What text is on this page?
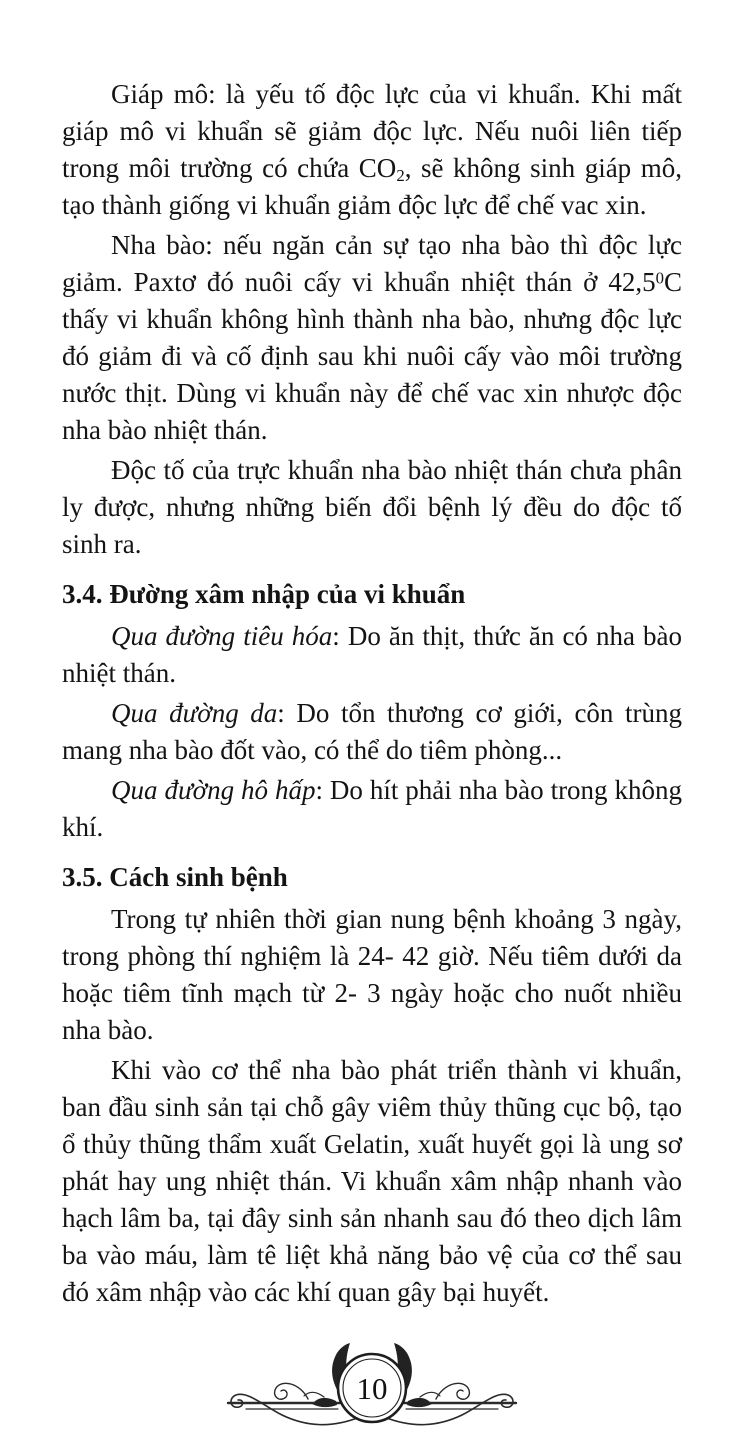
Giáp mô: là yếu tố độc lực của vi khuẩn. Khi mất giáp mô vi khuẩn sẽ giảm độc lực. Nếu nuôi liên tiếp trong môi trường có chứa $CO_2$, sẽ không sinh giáp mô, tạo thành giống vi khuẩn giảm độc lực để chế vac xin.

Nha bào: nếu ngăn cản sự tạo nha bào thì độc lực giảm. Paxtơ đó nuôi cấy vi khuẩn nhiệt thán ở 42,5$^0$C thấy vi khuẩn không hình thành nha bào, nhưng độc lực đó giảm đi và cố định sau khi nuôi cấy vào môi trường nước thịt. Dùng vi khuẩn này để chế vac xin nhược độc nha bào nhiệt thán.

Độc tố của trực khuẩn nha bào nhiệt thán chưa phân ly được, nhưng những biến đổi bệnh lý đều do độc tố sinh ra.

3.4. Đường xâm nhập của vi khuẩn

Qua đường tiêu hóa: Do ăn thịt, thức ăn có nha bào nhiệt thán.

Qua đường da: Do tổn thương cơ giới, côn trùng mang nha bào đốt vào, có thể do tiêm phòng...

Qua đường hô hấp: Do hít phải nha bào trong không khí.

3.5. Cách sinh bệnh

Trong tự nhiên thời gian nung bệnh khoảng 3 ngày, trong phòng thí nghiệm là 24- 42 giờ. Nếu tiêm dưới da hoặc tiêm tĩnh mạch từ 2- 3 ngày hoặc cho nuốt nhiều nha bào.

Khi vào cơ thể nha bào phát triển thành vi khuẩn, ban đầu sinh sản tại chỗ gây viêm thủy thũng cục bộ, tạo ổ thủy thũng thẩm xuất Gelatin, xuất huyết gọi là ung sơ phát hay ung nhiệt thán. Vi khuẩn xâm nhập nhanh vào hạch lâm ba, tại đây sinh sản nhanh sau đó theo dịch lâm ba vào máu, làm tê liệt khả năng bảo vệ của cơ thể sau đó xâm nhập vào các khí quan gây bại huyết.

10
